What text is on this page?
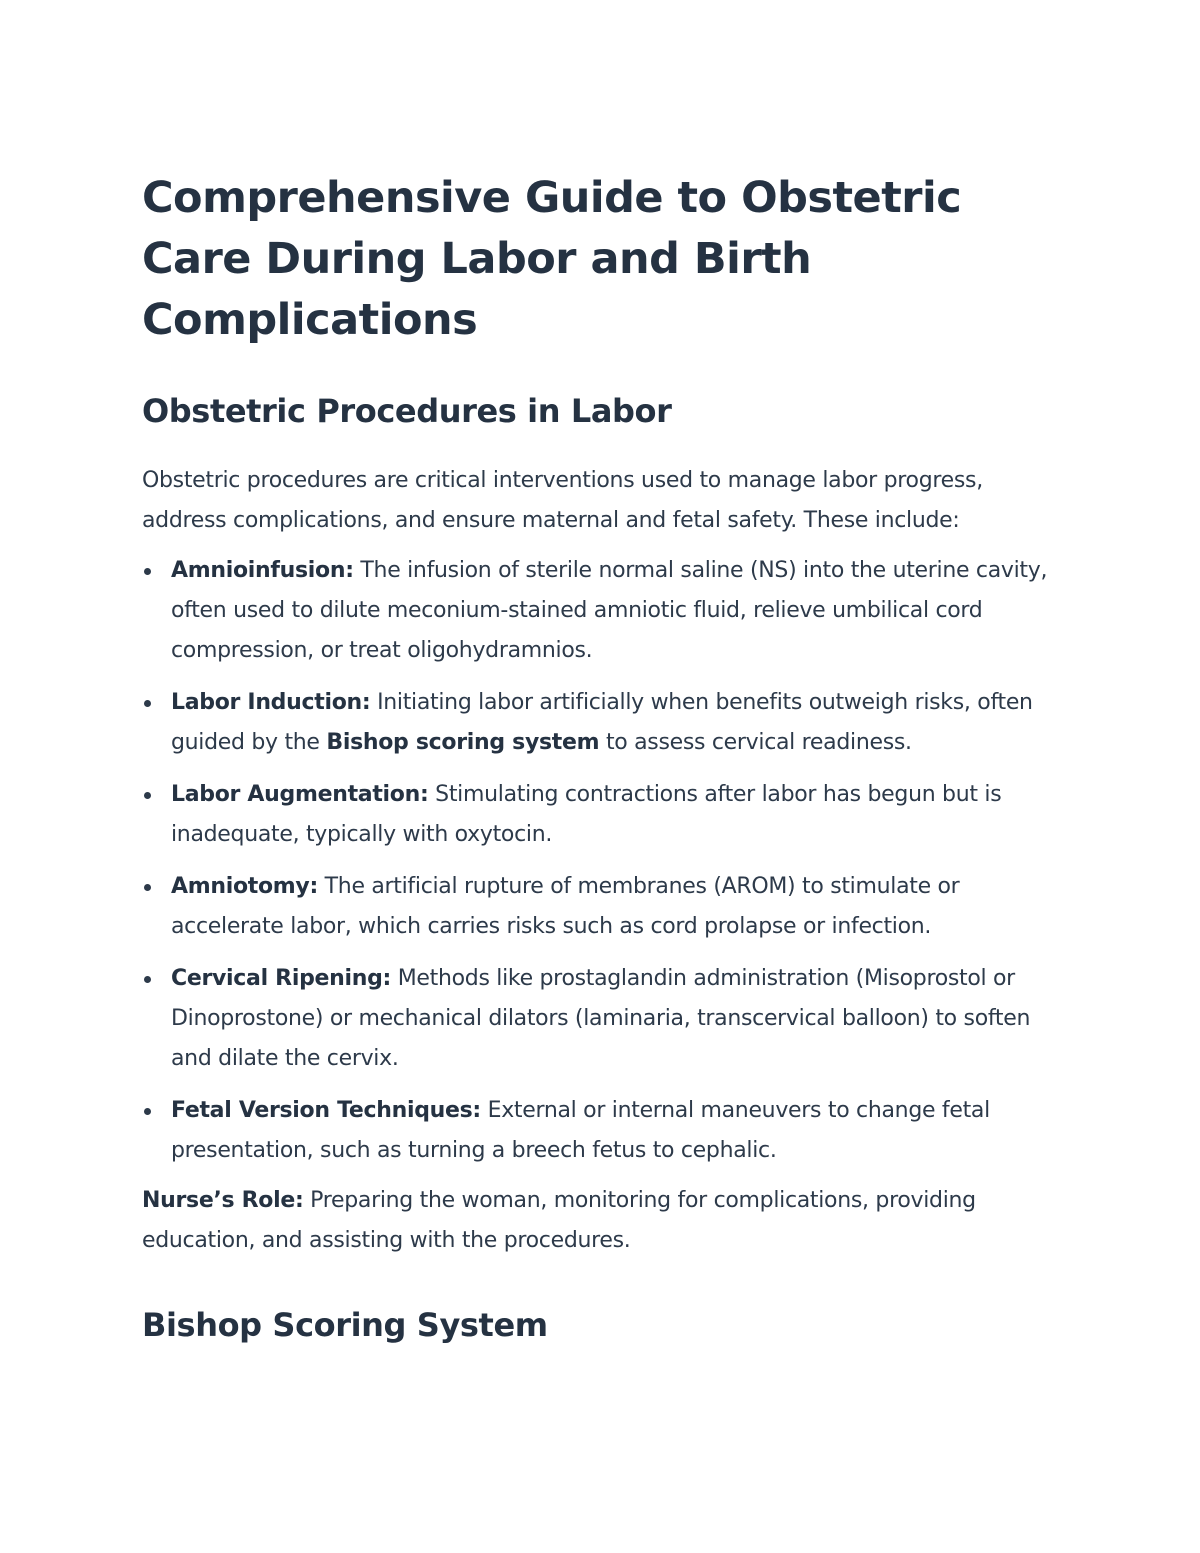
Comprehensive Guide to Obstetric Care During Labor and Birth Complications
Obstetric Procedures in Labor

Obstetric procedures are critical interventions used to manage labor progress, address complications, and ensure maternal and fetal safety. These include:

Amnioinfusion: The infusion of sterile normal saline (NS) into the uterine cavity, often used to dilute meconium-stained amniotic fluid, relieve umbilical cord compression, or treat oligohydramnios.
Labor Induction: Initiating labor artificially when benefits outweigh risks, often guided by the Bishop scoring system to assess cervical readiness.
Labor Augmentation: Stimulating contractions after labor has begun but is inadequate, typically with oxytocin.
Amniotomy: The artificial rupture of membranes (AROM) to stimulate or accelerate labor, which carries risks such as cord prolapse or infection.
Cervical Ripening: Methods like prostaglandin administration (Misoprostol or Dinoprostone) or mechanical dilators (laminaria, transcervical balloon) to soften and dilate the cervix.
Fetal Version Techniques: External or internal maneuvers to change fetal presentation, such as turning a breech fetus to cephalic.

Nurse’s Role: Preparing the woman, monitoring for complications, providing education, and assisting with the procedures.

Bishop Scoring System
